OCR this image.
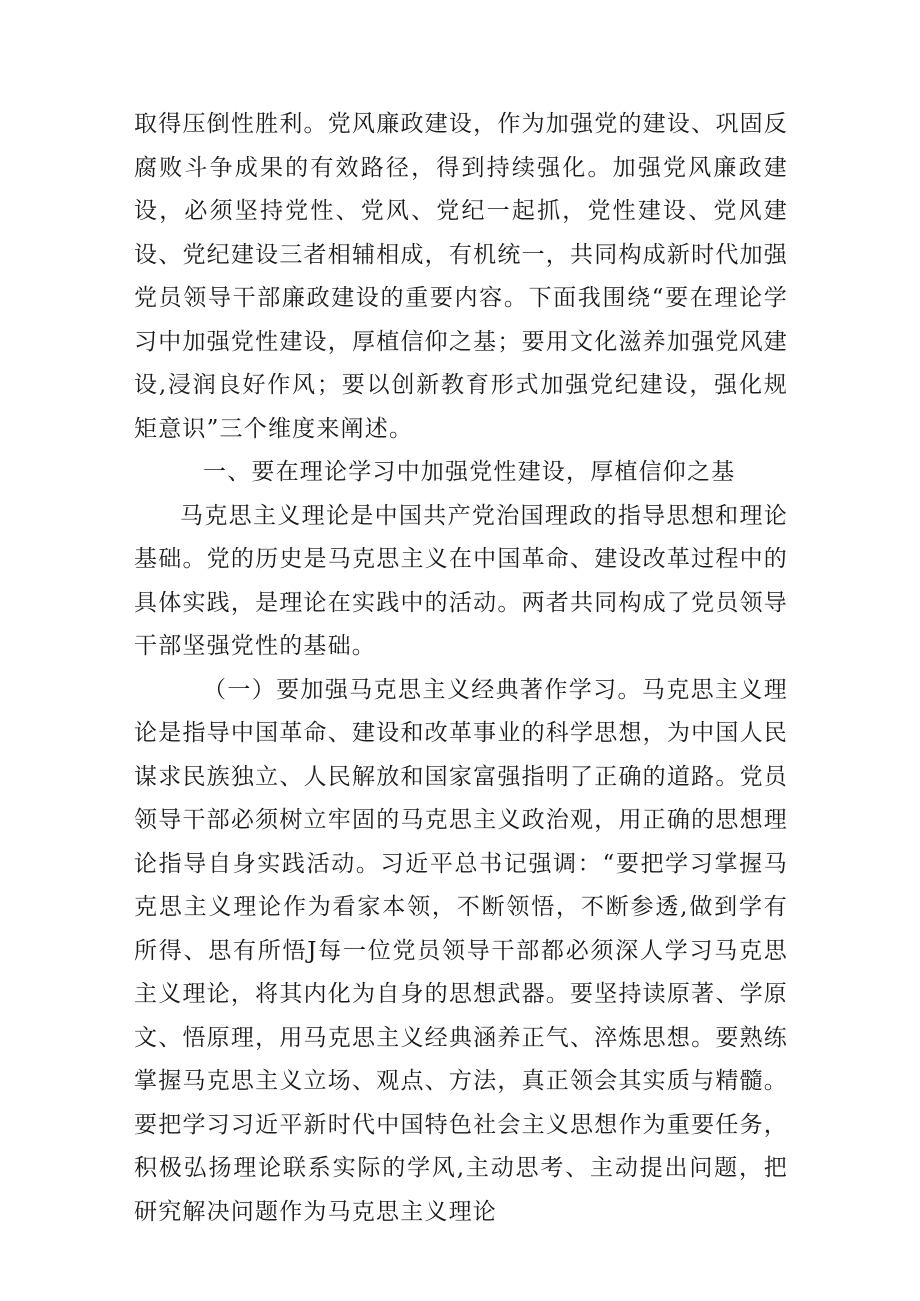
取得压倒性胜利。党风廉政建设，作为加强党的建设、巩固反腐败斗争成果的有效路径，得到持续强化。加强党风廉政建设，必须坚持党性、党风、党纪一起抓，党性建设、党风建设、党纪建设三者相辅相成，有机统一，共同构成新时代加强党员领导干部廉政建设的重要内容。下面我围绕“要在理论学习中加强党性建设，厚植信仰之基；要用文化滋养加强党风建设,浸润良好作风；要以创新教育形式加强党纪建设，强化规矩意识”三个维度来阐述。

一、要在理论学习中加强党性建设，厚植信仰之基

马克思主义理论是中国共产党治国理政的指导思想和理论基础。党的历史是马克思主义在中国革命、建设改革过程中的具体实践，是理论在实践中的活动。两者共同构成了党员领导干部坚强党性的基础。

（一）要加强马克思主义经典著作学习。马克思主义理论是指导中国革命、建设和改革事业的科学思想，为中国人民谋求民族独立、人民解放和国家富强指明了正确的道路。党员领导干部必须树立牢固的马克思主义政治观，用正确的思想理论指导自身实践活动。习近平总书记强调：“要把学习掌握马克思主义理论作为看家本领，不断领悟，不断参透,做到学有所得、思有所悟J每一位党员领导干部都必须深人学习马克思主义理论，将其内化为自身的思想武器。要坚持读原著、学原文、悟原理，用马克思主义经典涵养正气、淬炼思想。要熟练掌握马克思主义立场、观点、方法，真正领会其实质与精髓。要把学习习近平新时代中国特色社会主义思想作为重要任务，积极弘扬理论联系实际的学风,主动思考、主动提出问题，把研究解决问题作为马克思主义理论
